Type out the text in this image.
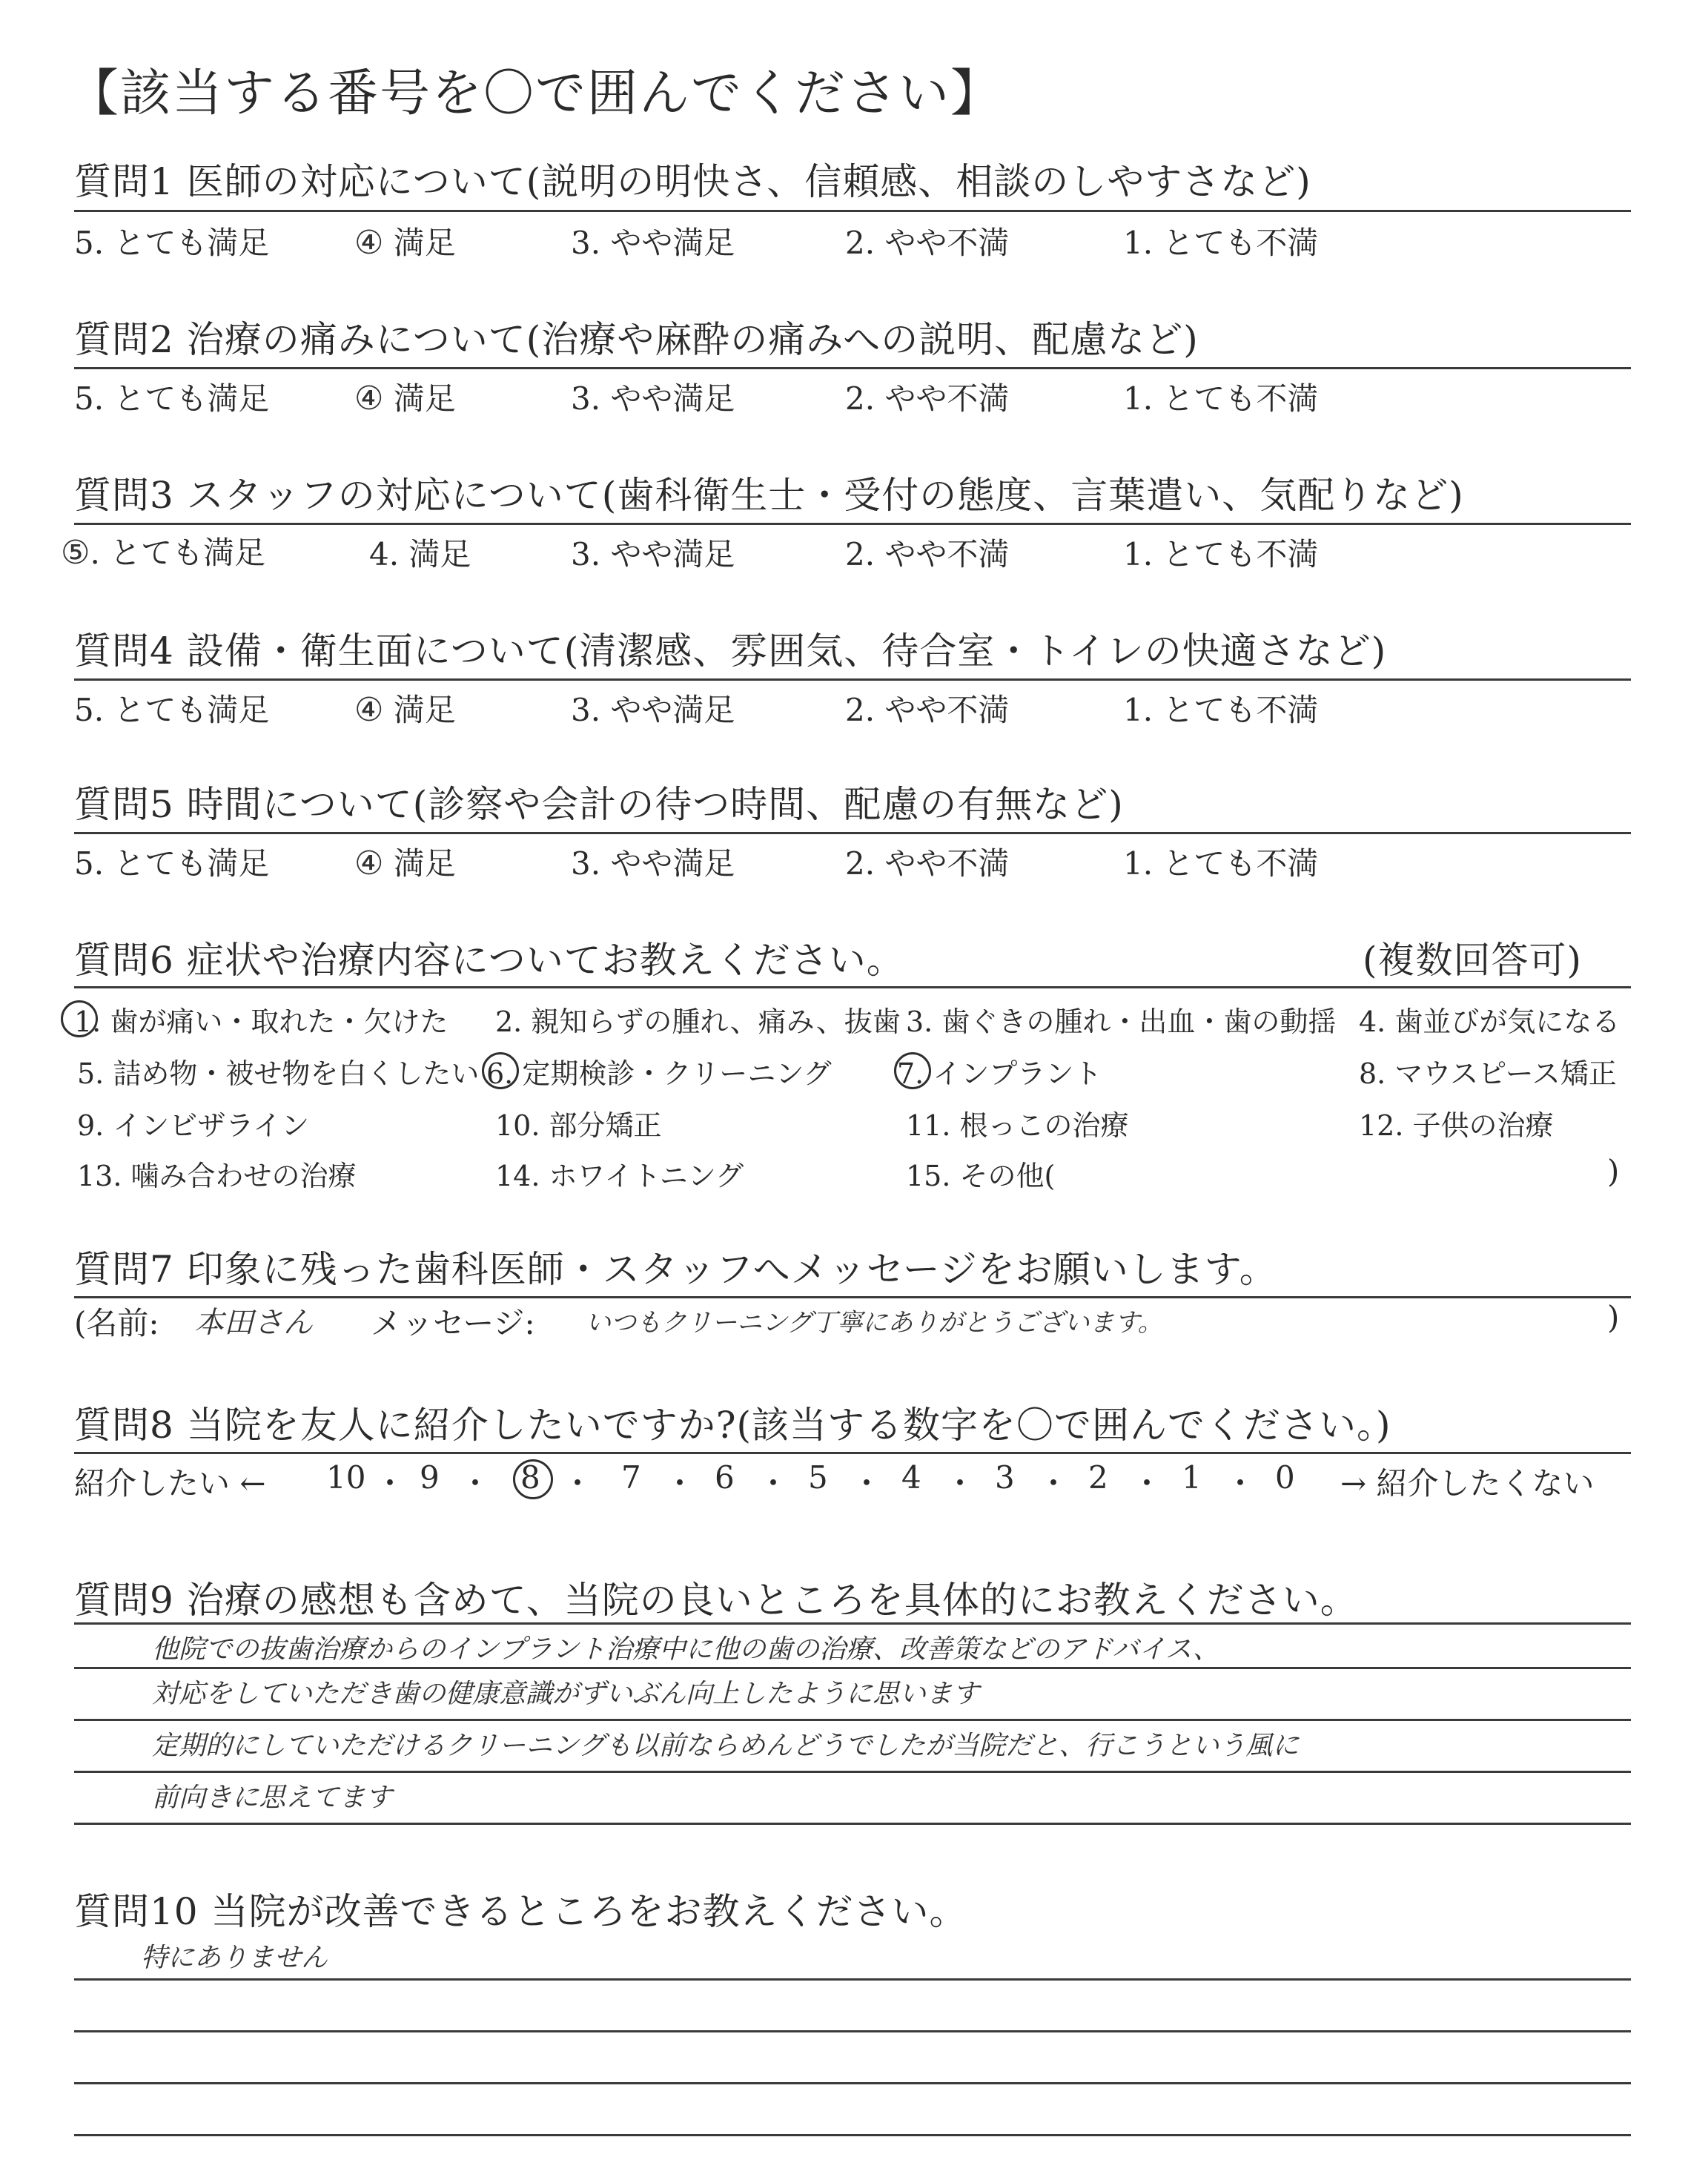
【該当する番号を〇で囲んでください】
質問1 医師の対応について(説明の明快さ、信頼感、相談のしやすさなど)
5. とても満足	④ 満足	3. やや満足	2. やや不満	1. とても不満
質問2 治療の痛みについて(治療や麻酔の痛みへの説明、配慮など)
5. とても満足	④ 満足	3. やや満足	2. やや不満	1. とても不満
質問3 スタッフの対応について(歯科衛生士・受付の態度、言葉遣い、気配りなど)
⑤. とても満足	4. 満足	3. やや満足	2. やや不満	1. とても不満
質問4 設備・衛生面について(清潔感、雰囲気、待合室・トイレの快適さなど)
5. とても満足	④ 満足	3. やや満足	2. やや不満	1. とても不満
質問5 時間について(診察や会計の待つ時間、配慮の有無など)
5. とても満足	④ 満足	3. やや満足	2. やや不満	1. とても不満
質問6 症状や治療内容についてお教えください。	(複数回答可)
1. 歯が痛い・取れた・欠けた 2. 親知らずの腫れ、痛み、抜歯 3. 歯ぐきの腫れ・出血・歯の動揺 4. 歯並びが気になる
5. 詰め物・被せ物を白くしたい 6. 定期検診・クリーニング 7. インプラント	8. マウスピース矯正
9. インビザライン	10. 部分矯正	11. 根っこの治療	12. 子供の治療
13. 噛み合わせの治療	14. ホワイトニング	15. その他(	)
質問7 印象に残った歯科医師・スタッフへメッセージをお願いします。
(名前: 本田さん メッセージ: いつもクリーニング丁寧にありがとうございます。	)
質問8 当院を友人に紹介したいですか?(該当する数字を〇で囲んでください。)
紹介したい ← 10 ・ 9 ・ 8 ・ 7 ・ 6 ・ 5 ・ 4 ・ 3 ・ 2 ・ 1 ・ 0 → 紹介したくない
質問9 治療の感想も含めて、当院の良いところを具体的にお教えください。
他院での抜歯治療からのインプラント治療中に他の歯の治療、改善策などのアドバイス、
対応をしていただき歯の健康意識がずいぶん向上したように思います
定期的にしていただけるクリーニングも以前ならめんどうでしたが当院だと、行こうという風に
前向きに思えてます
質問10 当院が改善できるところをお教えください。
特にありません
